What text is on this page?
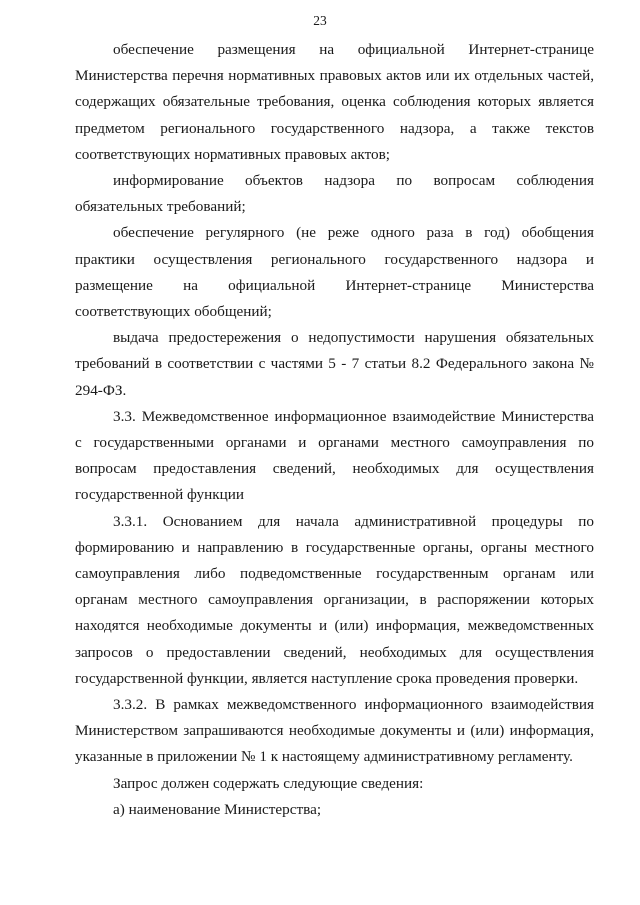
23

обеспечение размещения на официальной Интернет-странице Министерства перечня нормативных правовых актов или их отдельных частей, содержащих обязательные требования, оценка соблюдения которых является предметом регионального государственного надзора, а также текстов соответствующих нормативных правовых актов;

информирование объектов надзора по вопросам соблюдения обязательных требований;

обеспечение регулярного (не реже одного раза в год) обобщения практики осуществления регионального государственного надзора и размещение на официальной Интернет-странице Министерства соответствующих обобщений;

выдача предостережения о недопустимости нарушения обязательных требований в соответствии с частями 5 - 7 статьи 8.2 Федерального закона № 294-ФЗ.

3.3. Межведомственное информационное взаимодействие Министерства с государственными органами и органами местного самоуправления по вопросам предоставления сведений, необходимых для осуществления государственной функции

3.3.1. Основанием для начала административной процедуры по формированию и направлению в государственные органы, органы местного самоуправления либо подведомственные государственным органам или органам местного самоуправления организации, в распоряжении которых находятся необходимые документы и (или) информация, межведомственных запросов о предоставлении сведений, необходимых для осуществления государственной функции, является наступление срока проведения проверки.

3.3.2. В рамках межведомственного информационного взаимодействия Министерством запрашиваются необходимые документы и (или) информация, указанные в приложении № 1 к настоящему административному регламенту.

Запрос должен содержать следующие сведения:

а) наименование Министерства;
